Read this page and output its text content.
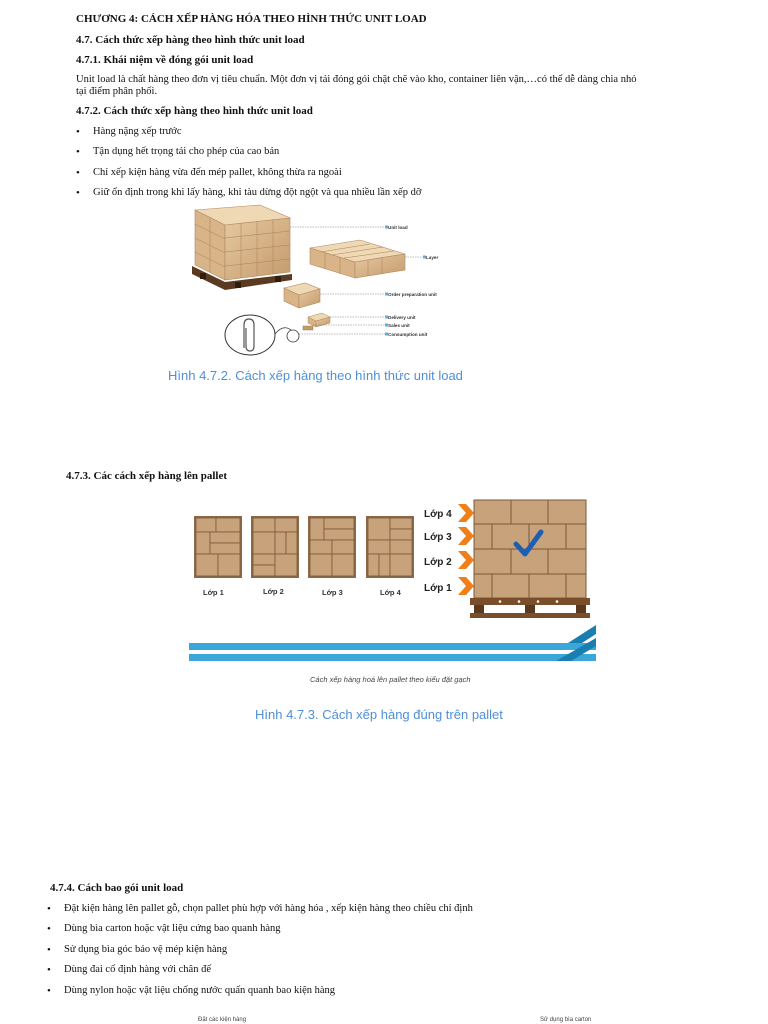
CHƯƠNG 4: CÁCH XẾP HÀNG HÓA THEO HÌNH THỨC UNIT LOAD
4.7. Cách thức xếp hàng theo hình thức unit load
4.7.1. Khái niệm về đóng gói unit load
Unit load là chất hàng theo đơn vị tiêu chuẩn. Một đơn vị tải đóng gói chặt chẽ vào kho, container liên vận,…có thể dễ dàng chia nhỏ
tại điểm phân phối.
4.7.2. Cách thức xếp hàng theo hình thức unit load
• Hàng nặng xếp trước
• Tận dụng hết trọng tải cho phép của cao bản
• Chỉ xếp kiện hàng vừa đến mép pallet, không thừa ra ngoài
• Giữ ổn định trong khi lấy hàng, khi tàu dừng đột ngột và qua nhiều lần xếp dỡ
Unit load
Layer
Order preparation unit
Delivery unit
Sales unit
Consumption unit
Hình 4.7.2. Cách xếp hàng theo hình thức unit load
4.7.3. Các cách xếp hàng lên pallet
Lớp 1	Lớp 2	Lớp 3	Lớp 4
Lớp 4
Lớp 3
Lớp 2
Lớp 1
Cách xếp hàng hoá lên pallet theo kiểu đặt gạch
Hình 4.7.3. Cách xếp hàng đúng trên pallet
4.7.4. Cách bao gói unit load
• Đặt kiện hàng lên pallet gỗ, chọn pallet phù hợp với hàng hóa , xếp kiện hàng theo chiều chỉ định
• Dùng bìa carton hoặc vật liệu cứng bao quanh hàng
• Sử dụng bìa góc bảo vệ mép kiện hàng
• Dùng đai cố định hàng với chân đế
• Dùng nylon hoặc vật liệu chống nước quấn quanh bao kiện hàng
Đặt các kiện hàng	Sử dụng bìa carton
